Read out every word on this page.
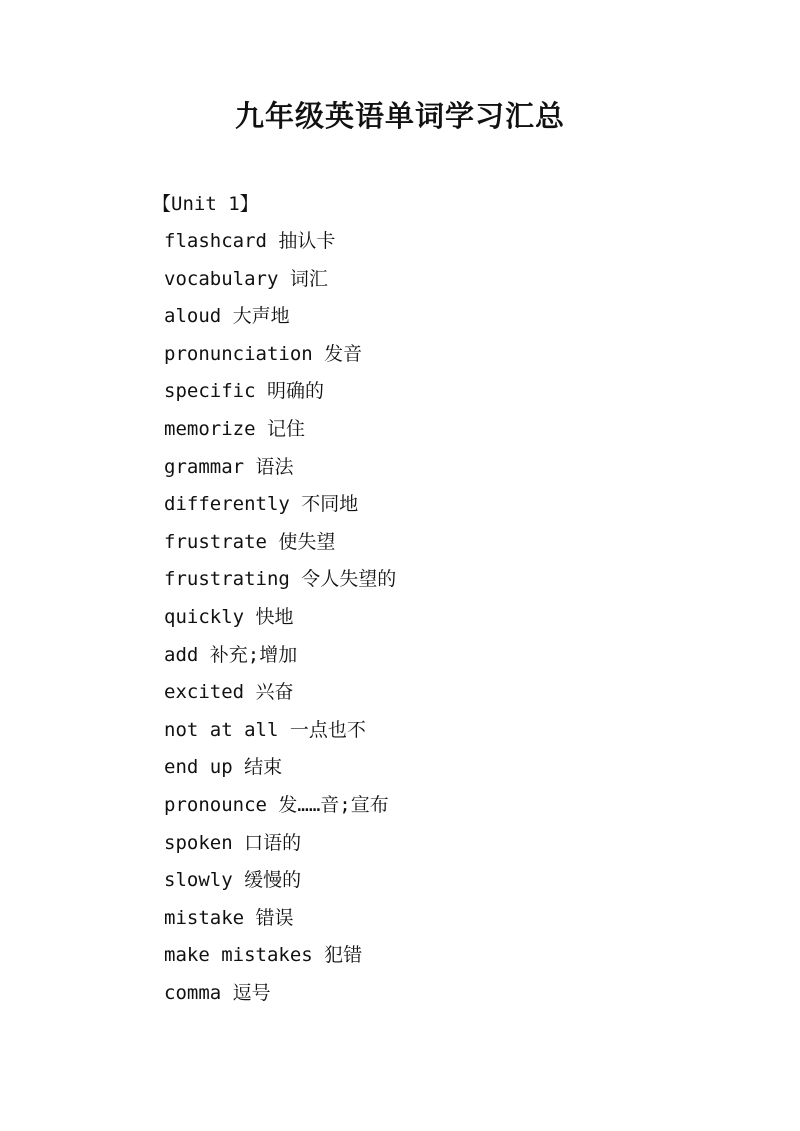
九年级英语单词学习汇总

【Unit 1】

flashcard 抽认卡
vocabulary 词汇
aloud 大声地
pronunciation 发音
specific 明确的
memorize 记住
grammar 语法
differently 不同地
frustrate 使失望
frustrating 令人失望的
quickly 快地
add 补充;增加
excited 兴奋
not at all 一点也不
end up 结束
pronounce 发……音;宣布
spoken 口语的
slowly 缓慢的
mistake 错误
make mistakes 犯错
comma 逗号
